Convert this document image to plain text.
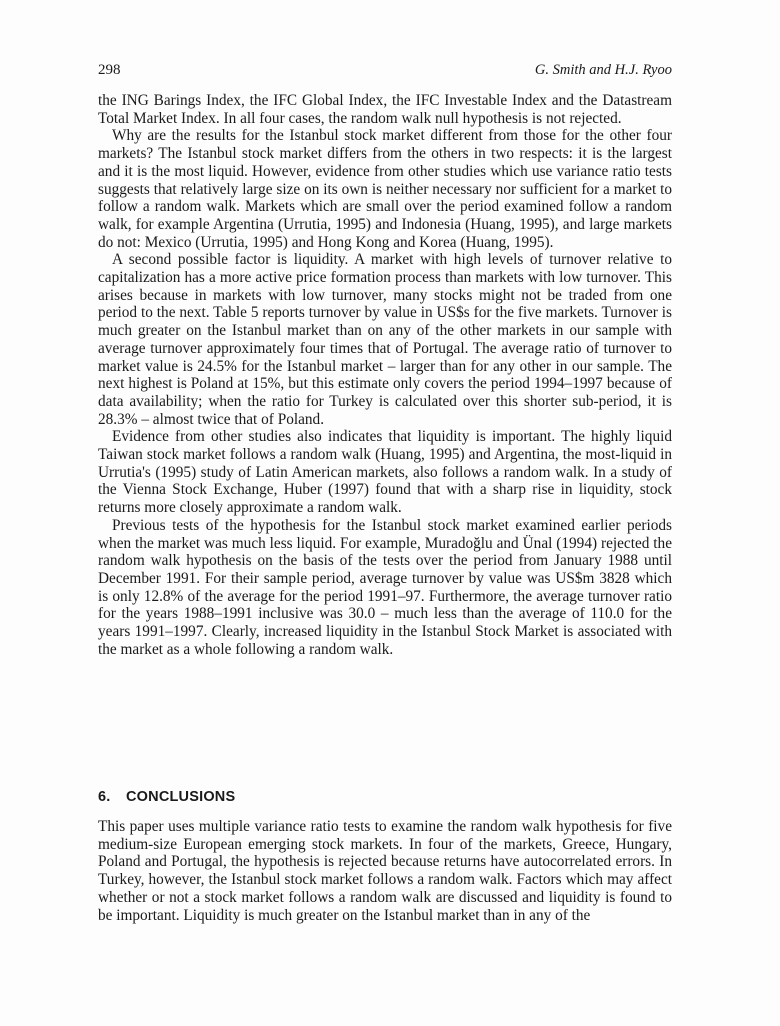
298	G. Smith and H.J. Ryoo

the ING Barings Index, the IFC Global Index, the IFC Investable Index and the Datastream Total Market Index. In all four cases, the random walk null hypothesis is not rejected.

Why are the results for the Istanbul stock market different from those for the other four markets? The Istanbul stock market differs from the others in two respects: it is the largest and it is the most liquid. However, evidence from other studies which use variance ratio tests suggests that relatively large size on its own is neither necessary nor sufficient for a market to follow a random walk. Markets which are small over the period examined follow a random walk, for example Argentina (Urrutia, 1995) and Indonesia (Huang, 1995), and large markets do not: Mexico (Urrutia, 1995) and Hong Kong and Korea (Huang, 1995).

A second possible factor is liquidity. A market with high levels of turnover relative to capitalization has a more active price formation process than markets with low turnover. This arises because in markets with low turnover, many stocks might not be traded from one period to the next. Table 5 reports turnover by value in US$s for the five markets. Turnover is much greater on the Istanbul market than on any of the other markets in our sample with average turnover approximately four times that of Portugal. The average ratio of turnover to market value is 24.5% for the Istanbul market – larger than for any other in our sample. The next highest is Poland at 15%, but this estimate only covers the period 1994–1997 because of data availability; when the ratio for Turkey is calculated over this shorter sub-period, it is 28.3% – almost twice that of Poland.

Evidence from other studies also indicates that liquidity is important. The highly liquid Taiwan stock market follows a random walk (Huang, 1995) and Argentina, the most-liquid in Urrutia's (1995) study of Latin American markets, also follows a random walk. In a study of the Vienna Stock Exchange, Huber (1997) found that with a sharp rise in liquidity, stock returns more closely approximate a random walk.

Previous tests of the hypothesis for the Istanbul stock market examined earlier periods when the market was much less liquid. For example, Muradoğlu and Ünal (1994) rejected the random walk hypothesis on the basis of the tests over the period from January 1988 until December 1991. For their sample period, average turnover by value was US$m 3828 which is only 12.8% of the average for the period 1991–97. Furthermore, the average turnover ratio for the years 1988–1991 inclusive was 30.0 – much less than the average of 110.0 for the years 1991–1997. Clearly, increased liquidity in the Istanbul Stock Market is associated with the market as a whole following a random walk.

6. CONCLUSIONS

This paper uses multiple variance ratio tests to examine the random walk hypothesis for five medium-size European emerging stock markets. In four of the markets, Greece, Hungary, Poland and Portugal, the hypothesis is rejected because returns have autocorrelated errors. In Turkey, however, the Istanbul stock market follows a random walk. Factors which may affect whether or not a stock market follows a random walk are discussed and liquidity is found to be important. Liquidity is much greater on the Istanbul market than in any of the
